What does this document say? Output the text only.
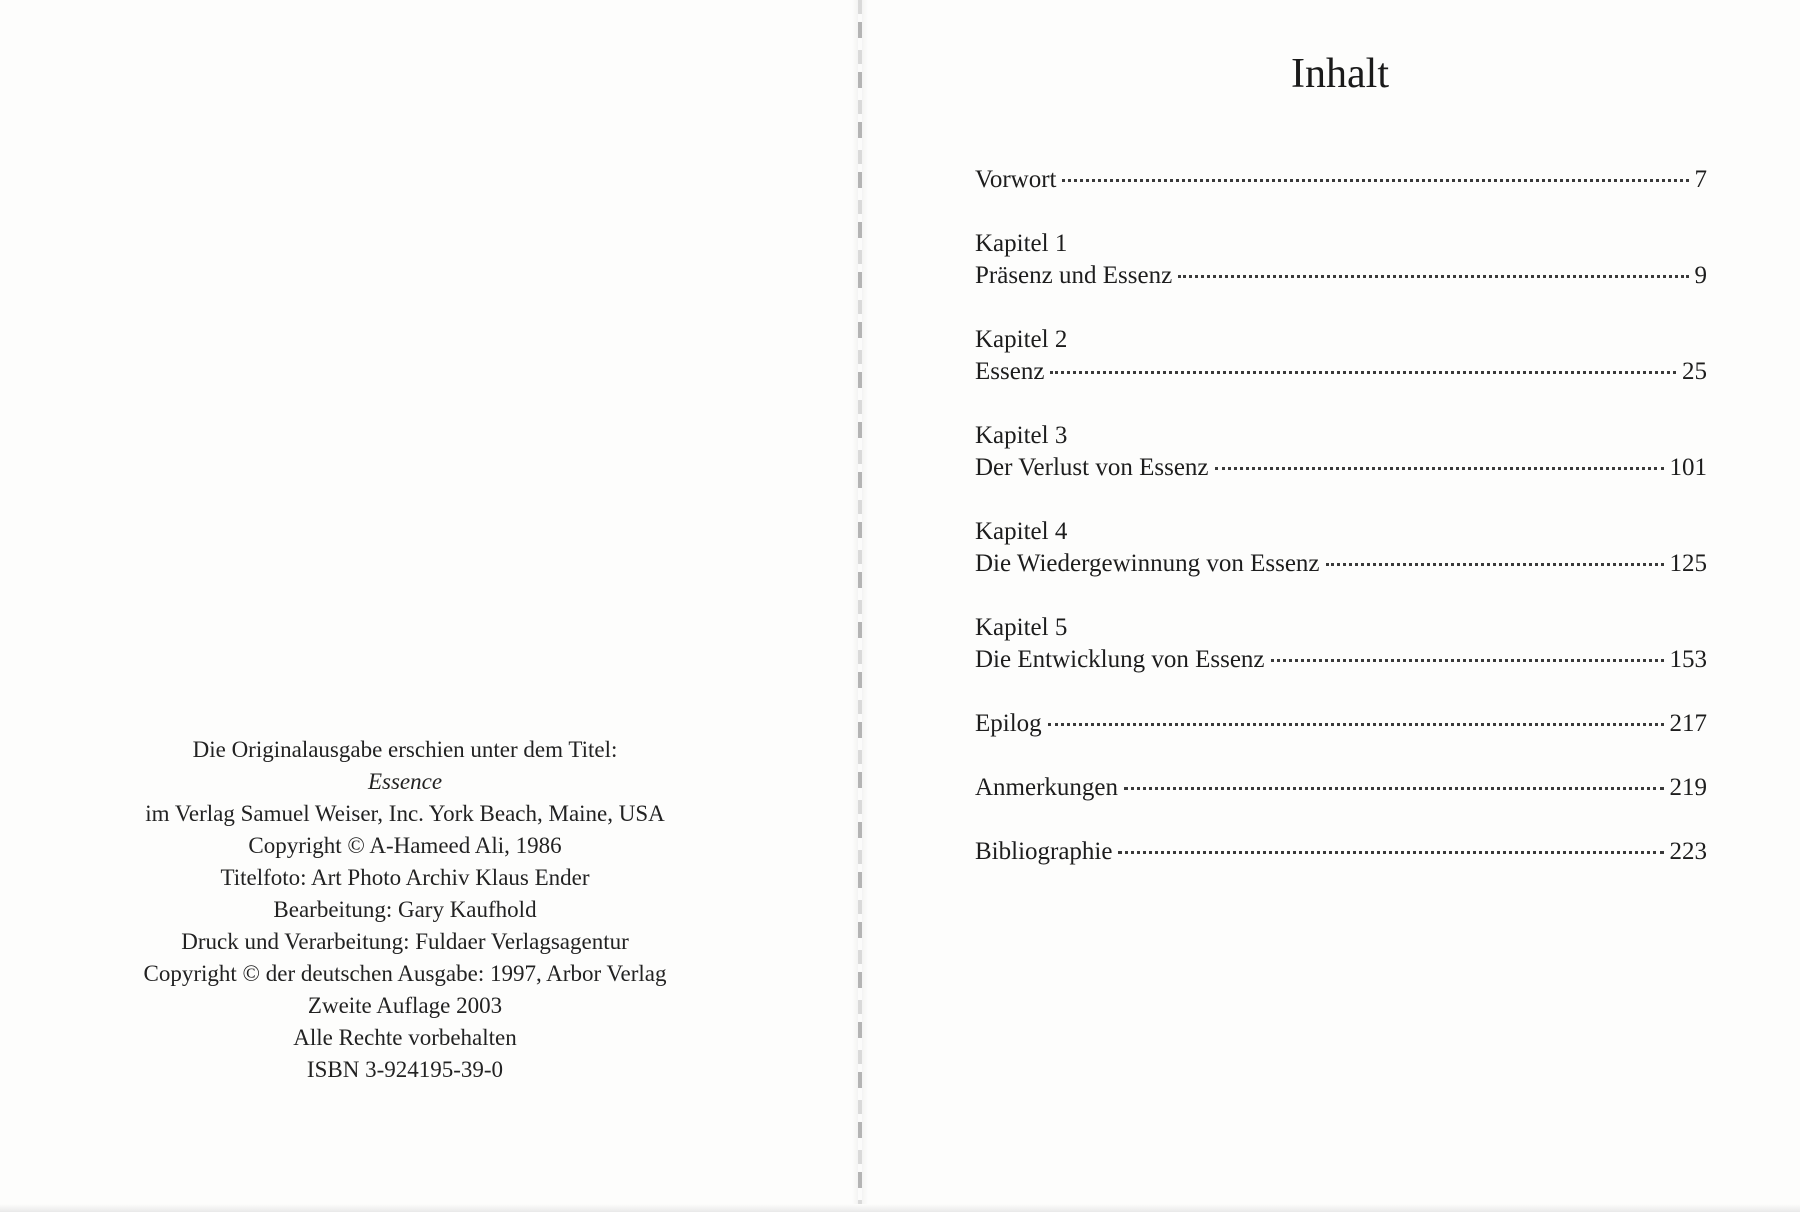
Die Originalausgabe erschien unter dem Titel:
Essence
im Verlag Samuel Weiser, Inc. York Beach, Maine, USA
Copyright © A-Hameed Ali, 1986
Titelfoto: Art Photo Archiv Klaus Ender
Bearbeitung: Gary Kaufhold
Druck und Verarbeitung: Fuldaer Verlagsagentur
Copyright © der deutschen Ausgabe: 1997, Arbor Verlag
Zweite Auflage 2003
Alle Rechte vorbehalten
ISBN 3-924195-39-0
Inhalt
Vorwort	7
Kapitel 1
Präsenz und Essenz	9
Kapitel 2
Essenz	25
Kapitel 3
Der Verlust von Essenz	101
Kapitel 4
Die Wiedergewinnung von Essenz	125
Kapitel 5
Die Entwicklung von Essenz	153
Epilog	217
Anmerkungen	219
Bibliographie	223
